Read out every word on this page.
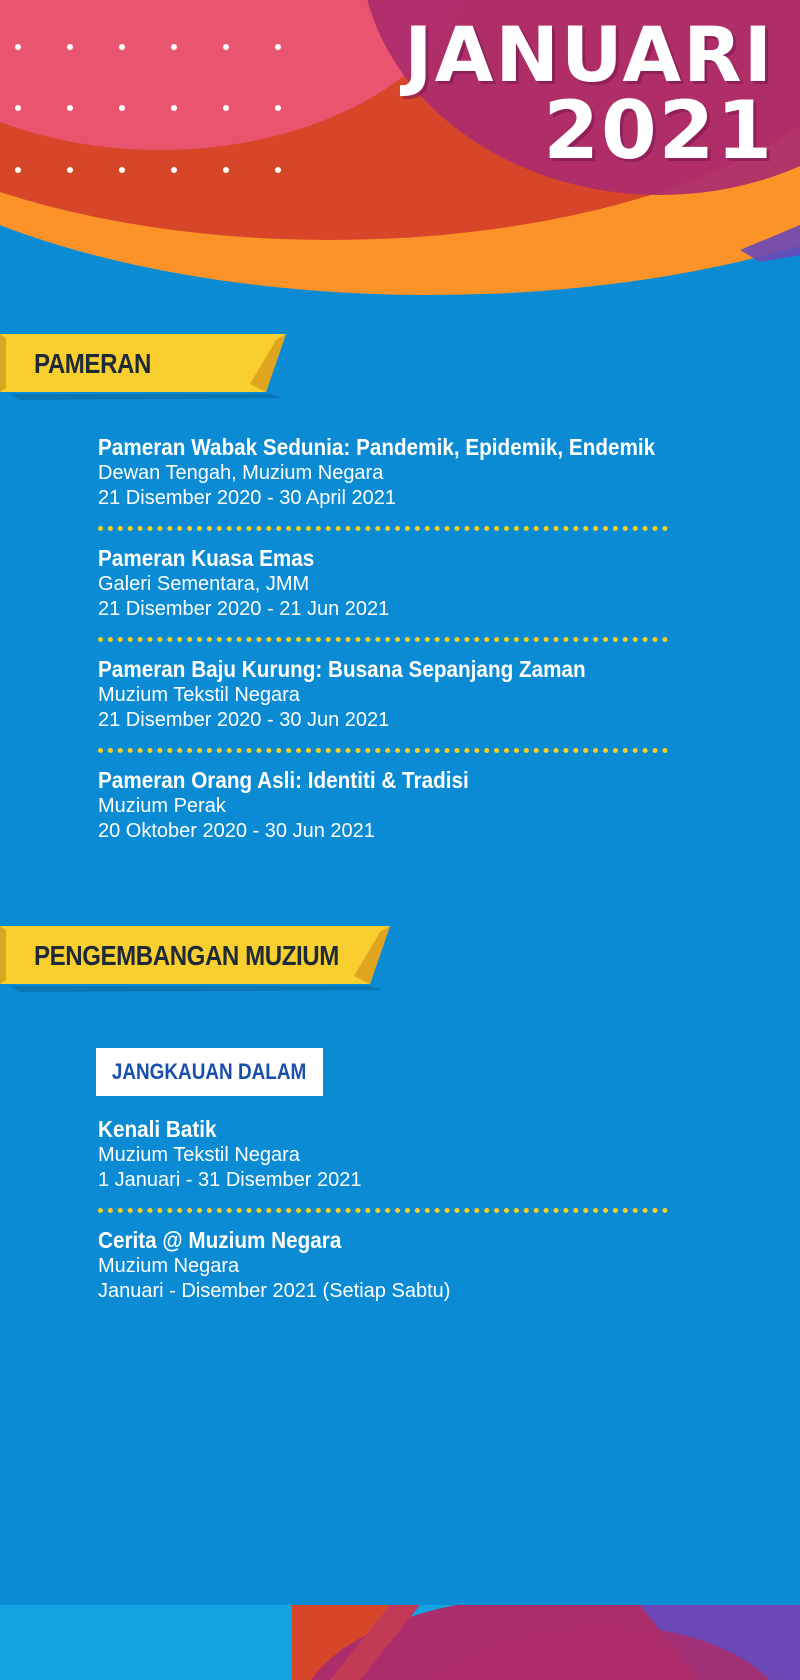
JANUARI
2021
PAMERAN
Pameran Wabak Sedunia: Pandemik, Epidemik, Endemik
Dewan Tengah, Muzium Negara
21 Disember 2020 - 30 April 2021
Pameran Kuasa Emas
Galeri Sementara, JMM
21 Disember 2020 - 21 Jun 2021
Pameran Baju Kurung: Busana Sepanjang Zaman
Muzium Tekstil Negara
21 Disember 2020 - 30 Jun 2021
Pameran Orang Asli: Identiti & Tradisi
Muzium Perak
20 Oktober 2020 - 30 Jun 2021
PENGEMBANGAN MUZIUM
JANGKAUAN DALAM
Kenali Batik
Muzium Tekstil Negara
1 Januari - 31 Disember 2021
Cerita @ Muzium Negara
Muzium Negara
Januari - Disember 2021 (Setiap Sabtu)
